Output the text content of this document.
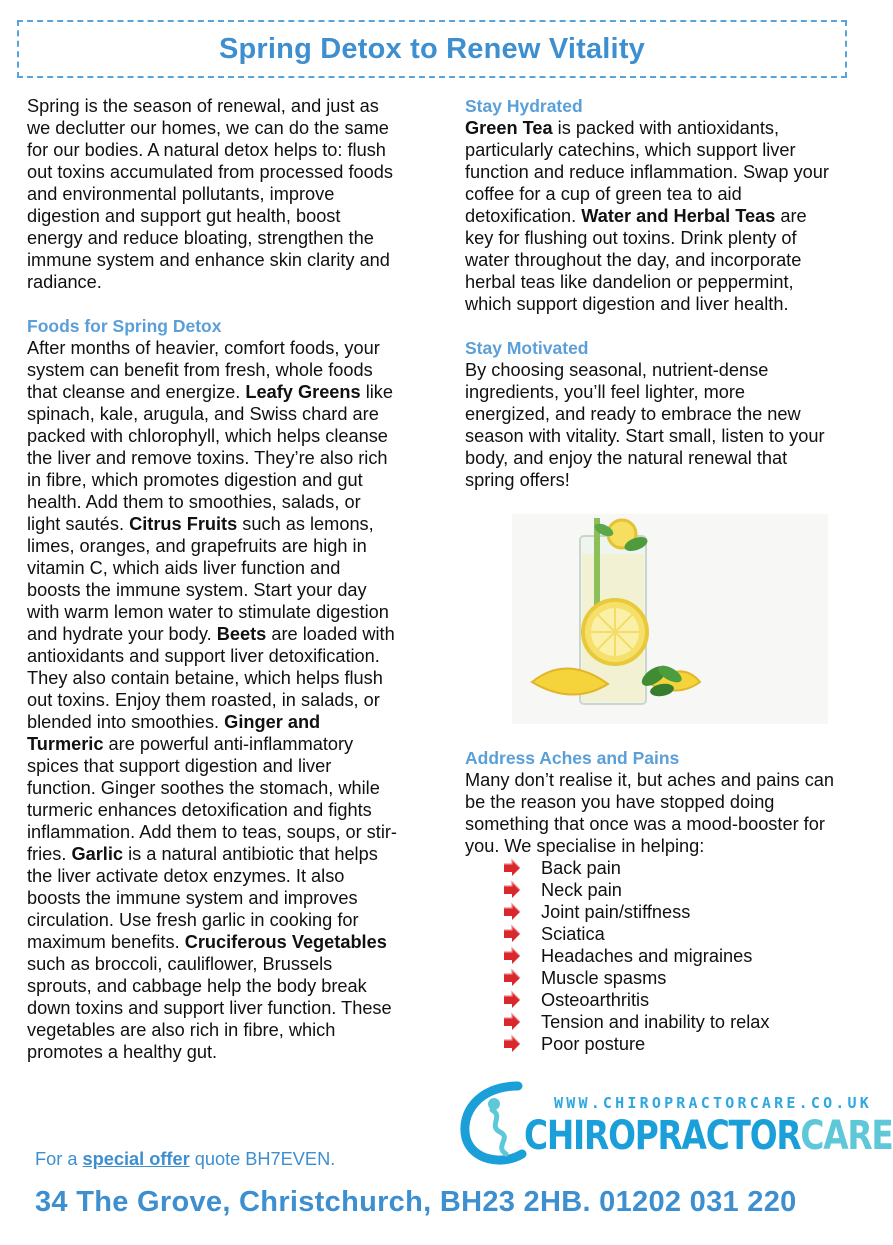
Spring Detox to Renew Vitality

Spring is the season of renewal, and just as we declutter our homes, we can do the same for our bodies. A natural detox helps to: flush out toxins accumulated from processed foods and environmental pollutants, improve digestion and support gut health, boost energy and reduce bloating, strengthen the immune system and enhance skin clarity and radiance.

Foods for Spring Detox

After months of heavier, comfort foods, your system can benefit from fresh, whole foods that cleanse and energize. Leafy Greens like spinach, kale, arugula, and Swiss chard are packed with chlorophyll, which helps cleanse the liver and remove toxins. They’re also rich in fibre, which promotes digestion and gut health. Add them to smoothies, salads, or light sautés. Citrus Fruits such as lemons, limes, oranges, and grapefruits are high in vitamin C, which aids liver function and boosts the immune system. Start your day with warm lemon water to stimulate digestion and hydrate your body. Beets are loaded with antioxidants and support liver detoxification. They also contain betaine, which helps flush out toxins. Enjoy them roasted, in salads, or blended into smoothies. Ginger and Turmeric are powerful anti-inflammatory spices that support digestion and liver function. Ginger soothes the stomach, while turmeric enhances detoxification and fights inflammation. Add them to teas, soups, or stir-fries. Garlic is a natural antibiotic that helps the liver activate detox enzymes. It also boosts the immune system and improves circulation. Use fresh garlic in cooking for maximum benefits. Cruciferous Vegetables such as broccoli, cauliflower, Brussels sprouts, and cabbage help the body break down toxins and support liver function. These vegetables are also rich in fibre, which promotes a healthy gut.

Stay Hydrated

Green Tea is packed with antioxidants, particularly catechins, which support liver function and reduce inflammation. Swap your coffee for a cup of green tea to aid detoxification. Water and Herbal Teas are key for flushing out toxins. Drink plenty of water throughout the day, and incorporate herbal teas like dandelion or peppermint, which support digestion and liver health.

Stay Motivated

By choosing seasonal, nutrient-dense ingredients, you’ll feel lighter, more energized, and ready to embrace the new season with vitality. Start small, listen to your body, and enjoy the natural renewal that spring offers!

Address Aches and Pains

Many don’t realise it, but aches and pains can be the reason you have stopped doing something that once was a mood-booster for you. We specialise in helping:

Back pain
Neck pain
Joint pain/stiffness
Sciatica
Headaches and migraines
Muscle spasms
Osteoarthritis
Tension and inability to relax
Poor posture
WWW.CHIROPRACTORCARE.CO.UK
CHIROPRACTORCARE
For a special offer quote BH7EVEN.
34 The Grove, Christchurch, BH23 2HB. 01202 031 220
